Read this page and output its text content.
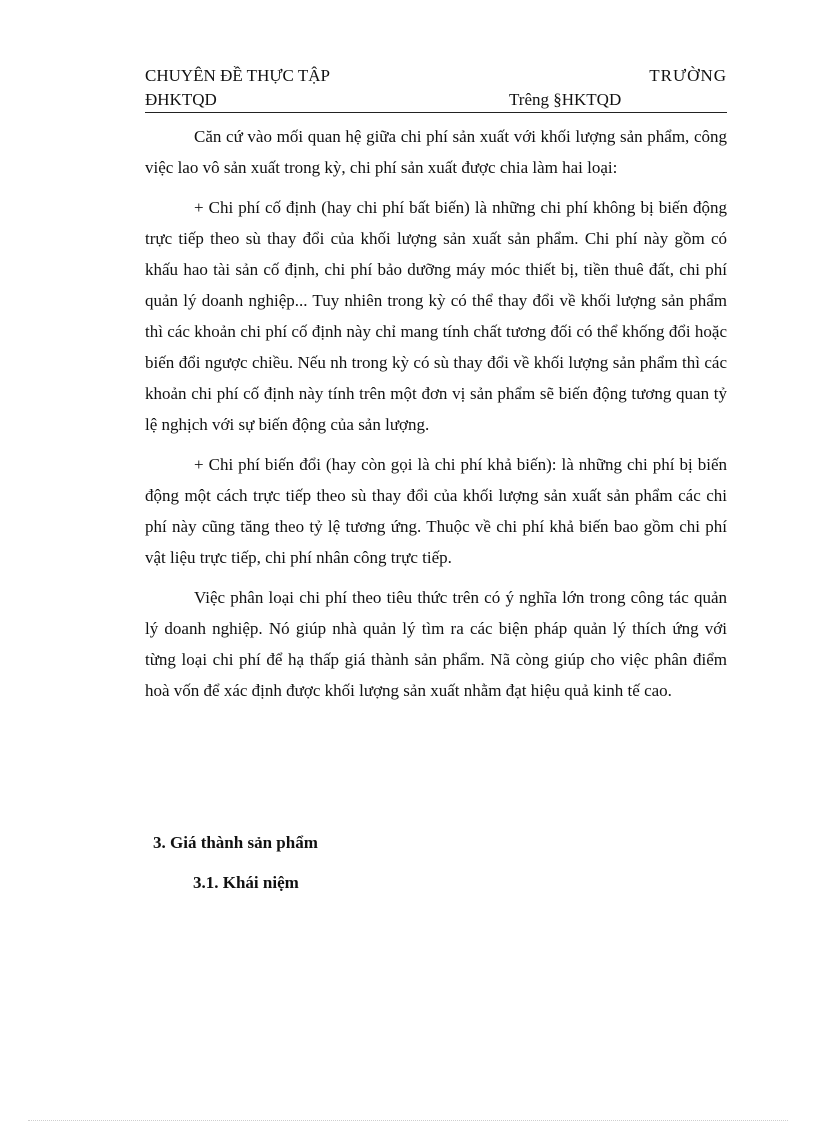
CHUYÊN ĐỀ THỰC TẬP	TRƯỜNG
ĐHKTQD	Trêng §HKTQD

Căn cứ vào mối quan hệ giữa chi phí sản xuất với khối lượng sản phẩm, công việc lao vô sản xuất trong kỳ, chi phí sản xuất được chia làm hai loại:

+ Chi phí cố định (hay chi phí bất biến) là những chi phí không bị biến động trực tiếp theo sù thay đổi của khối lượng sản xuất sản phẩm. Chi phí này gồm có khấu hao tài sản cố định, chi phí bảo dưỡng máy móc thiết bị, tiền thuê đất, chi phí quản lý doanh nghiệp... Tuy nhiên trong kỳ có thể thay đổi về khối lượng sản phẩm thì các khoản chi phí cố định này chỉ mang tính chất tương đối có thể khống đổi hoặc biến đổi ngược chiều. Nếu nh trong kỳ có sù thay đổi về khối lượng sản phẩm thì các khoản chi phí cố định này tính trên một đơn vị sản phẩm sẽ biến động tương quan tỷ lệ nghịch với sự biến động của sản lượng.

+ Chi phí biến đổi (hay còn gọi là chi phí khả biến): là những chi phí bị biến động một cách trực tiếp theo sù thay đổi của khối lượng sản xuất sản phẩm các chi phí này cũng tăng theo tỷ lệ tương ứng. Thuộc về chi phí khả biến bao gồm chi phí vật liệu trực tiếp, chi phí nhân công trực tiếp.

Việc phân loại chi phí theo tiêu thức trên có ý nghĩa lớn trong công tác quản lý doanh nghiệp. Nó giúp nhà quản lý tìm ra các biện pháp quản lý thích ứng với từng loại chi phí để hạ thấp giá thành sản phẩm. Nã còng giúp cho việc phân điểm hoà vốn để xác định được khối lượng sản xuất nhằm đạt hiệu quả kinh tế cao.

3. Giá thành sản phẩm
3.1. Khái niệm
